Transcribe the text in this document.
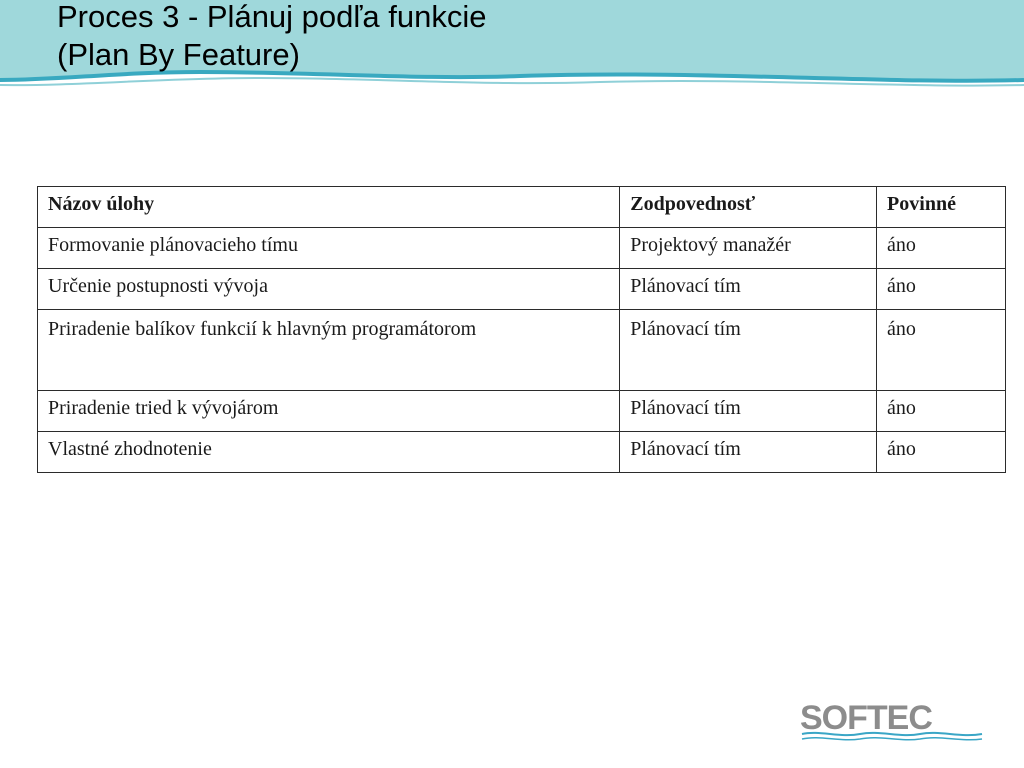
Proces 3 - Plánuj podľa funkcie
(Plan By Feature)
Názov úlohy	Zodpovednosť	Povinné
Formovanie plánovacieho tímu	Projektový manažér	áno
Určenie postupnosti vývoja	Plánovací tím	áno
Priradenie balíkov funkcií k hlavným programátorom	Plánovací tím	áno
Priradenie tried k vývojárom	Plánovací tím	áno
Vlastné zhodnotenie	Plánovací tím	áno
SOFTEC
